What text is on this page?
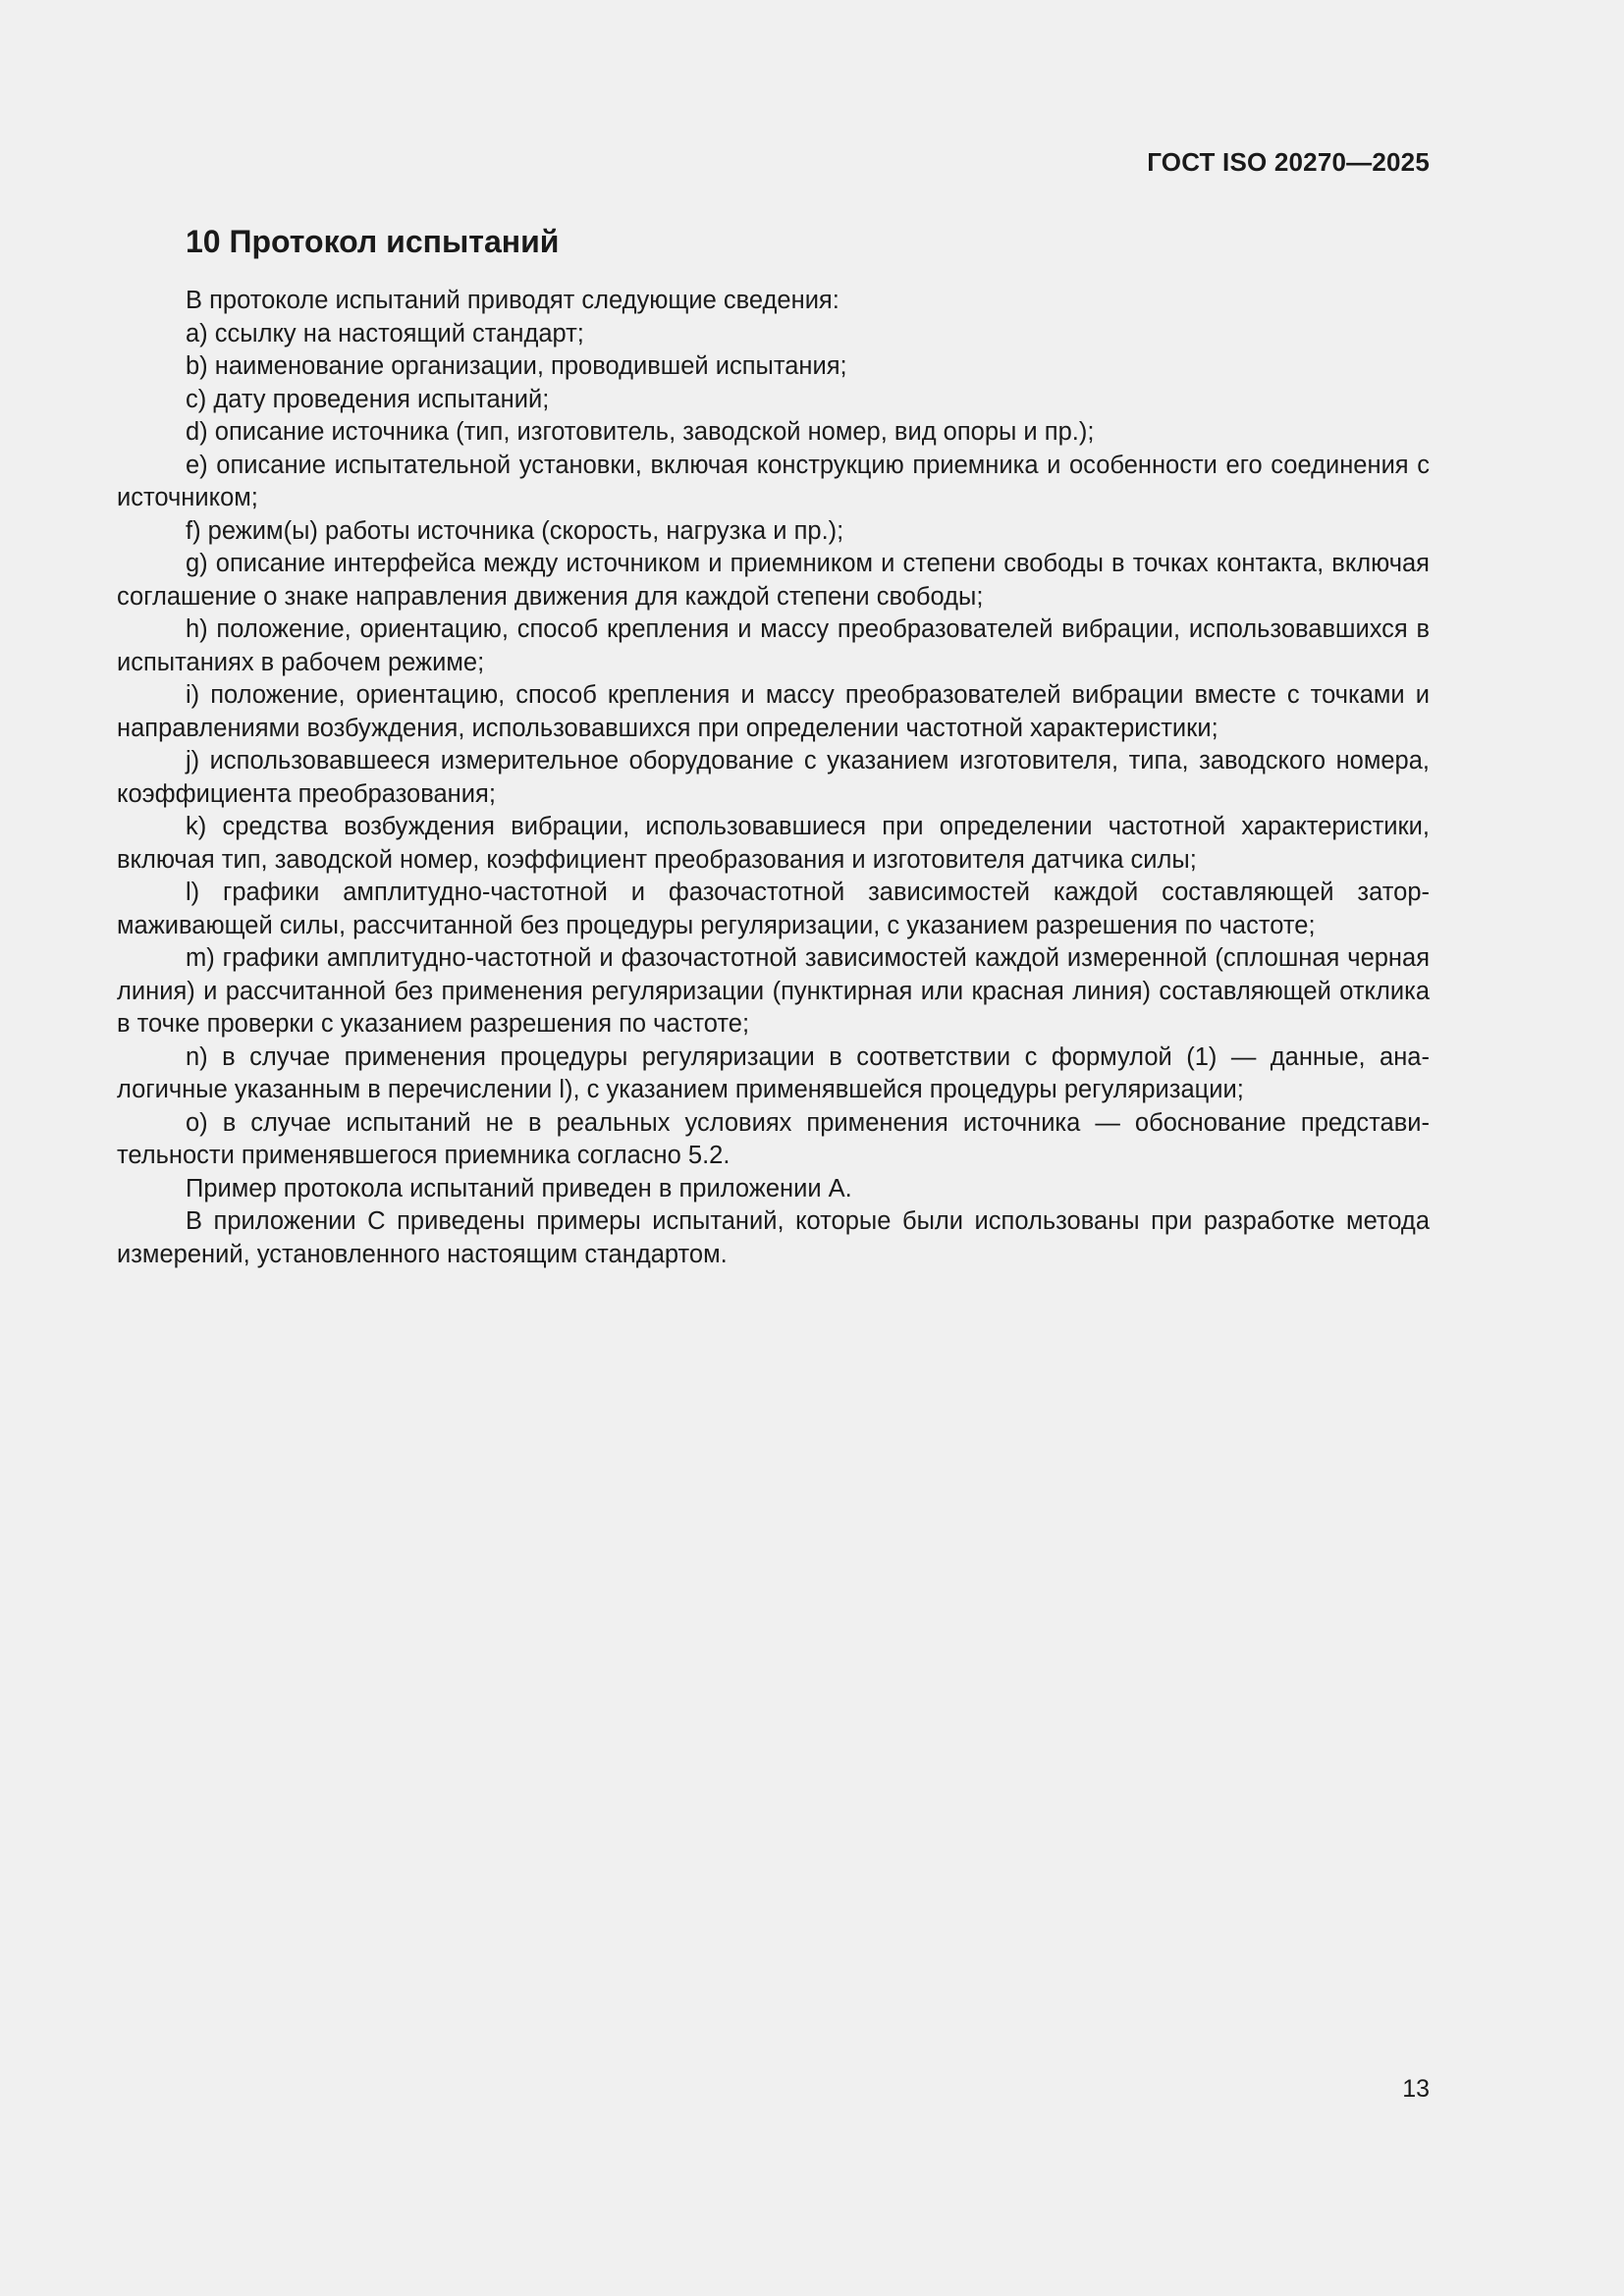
ГОСТ ISO 20270—2025
10 Протокол испытаний

В протоколе испытаний приводят следующие сведения:

a) ссылку на настоящий стандарт;

b) наименование организации, проводившей испытания;

c) дату проведения испытаний;

d) описание источника (тип, изготовитель, заводской номер, вид опоры и пр.);

e) описание испытательной установки, включая конструкцию приемника и особенности его соединения с источником;

f) режим(ы) работы источника (скорость, нагрузка и пр.);

g) описание интерфейса между источником и приемником и степени свободы в точках контакта, включая соглашение о знаке направления движения для каждой степени свободы;

h) положение, ориентацию, способ крепления и массу преобразователей вибрации, использовавшихся в испытаниях в рабочем режиме;

i) положение, ориентацию, способ крепления и массу преобразователей вибрации вместе с точками и направлениями возбуждения, использовавшихся при определении частотной характеристики;

j) использовавшееся измерительное оборудование с указанием изготовителя, типа, заводского номера, коэффициента преобразования;

k) средства возбуждения вибрации, использовавшиеся при определении частотной характеристики, включая тип, заводской номер, коэффициент преобразования и изготовителя датчика силы;

l) графики амплитудно-частотной и фазочастотной зависимостей каждой составляющей затормаживающей силы, рассчитанной без процедуры регуляризации, с указанием разрешения по частоте;

m) графики амплитудно-частотной и фазочастотной зависимостей каждой измеренной (сплошная черная линия) и рассчитанной без применения регуляризации (пунктирная или красная линия) составляющей отклика в точке проверки с указанием разрешения по частоте;

n) в случае применения процедуры регуляризации в соответствии с формулой (1) — данные, аналогичные указанным в перечислении l), с указанием применявшейся процедуры регуляризации;

o) в случае испытаний не в реальных условиях применения источника — обоснование представительности применявшегося приемника согласно 5.2.

Пример протокола испытаний приведен в приложении А.

В приложении С приведены примеры испытаний, которые были использованы при разработке метода измерений, установленного настоящим стандартом.

13
